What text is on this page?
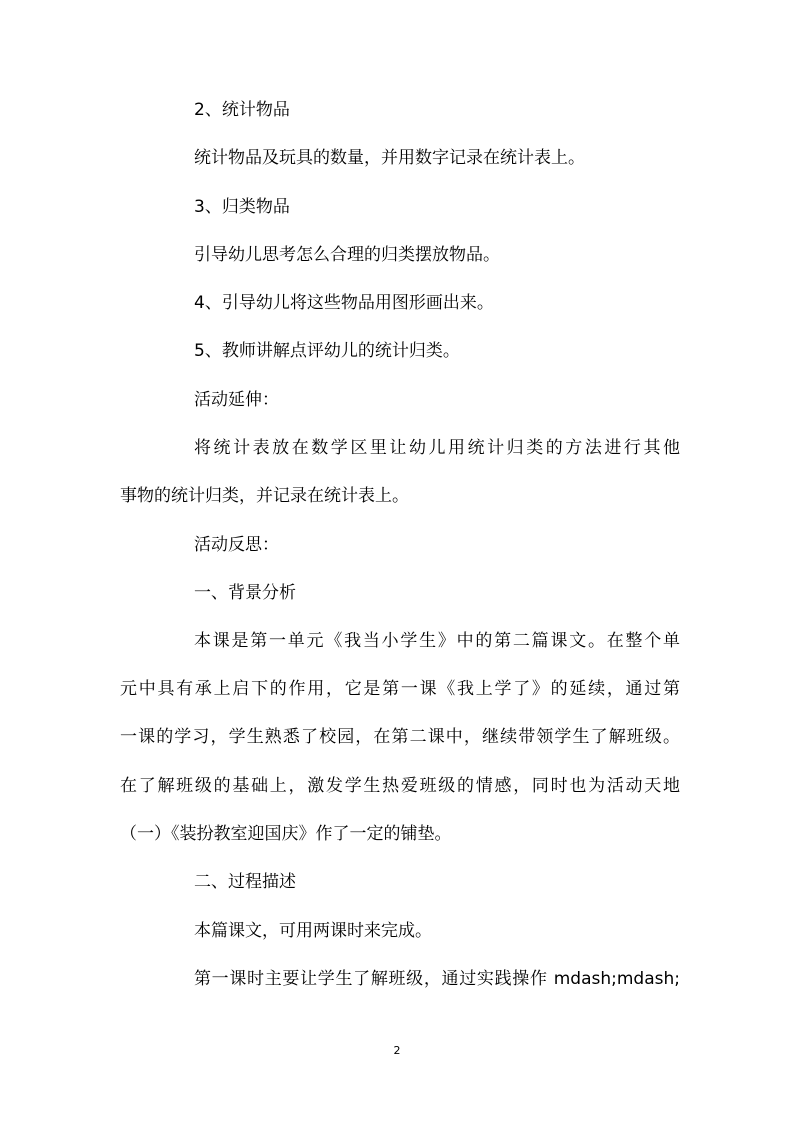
2、统计物品
统计物品及玩具的数量，并用数字记录在统计表上。
3、归类物品
引导幼儿思考怎么合理的归类摆放物品。
4、引导幼儿将这些物品用图形画出来。
5、教师讲解点评幼儿的统计归类。
活动延伸：
将统计表放在数学区里让幼儿用统计归类的方法进行其他
事物的统计归类，并记录在统计表上。
活动反思：
一、背景分析
本课是第一单元《我当小学生》中的第二篇课文。在整个单
元中具有承上启下的作用，它是第一课《我上学了》的延续，通过第
一课的学习，学生熟悉了校园，在第二课中，继续带领学生了解班级。
在了解班级的基础上，激发学生热爱班级的情感，同时也为活动天地
（一）《装扮教室迎国庆》作了一定的铺垫。
二、过程描述
本篇课文，可用两课时来完成。
第一课时主要让学生了解班级，通过实践操作 mdash;mdash;
2
